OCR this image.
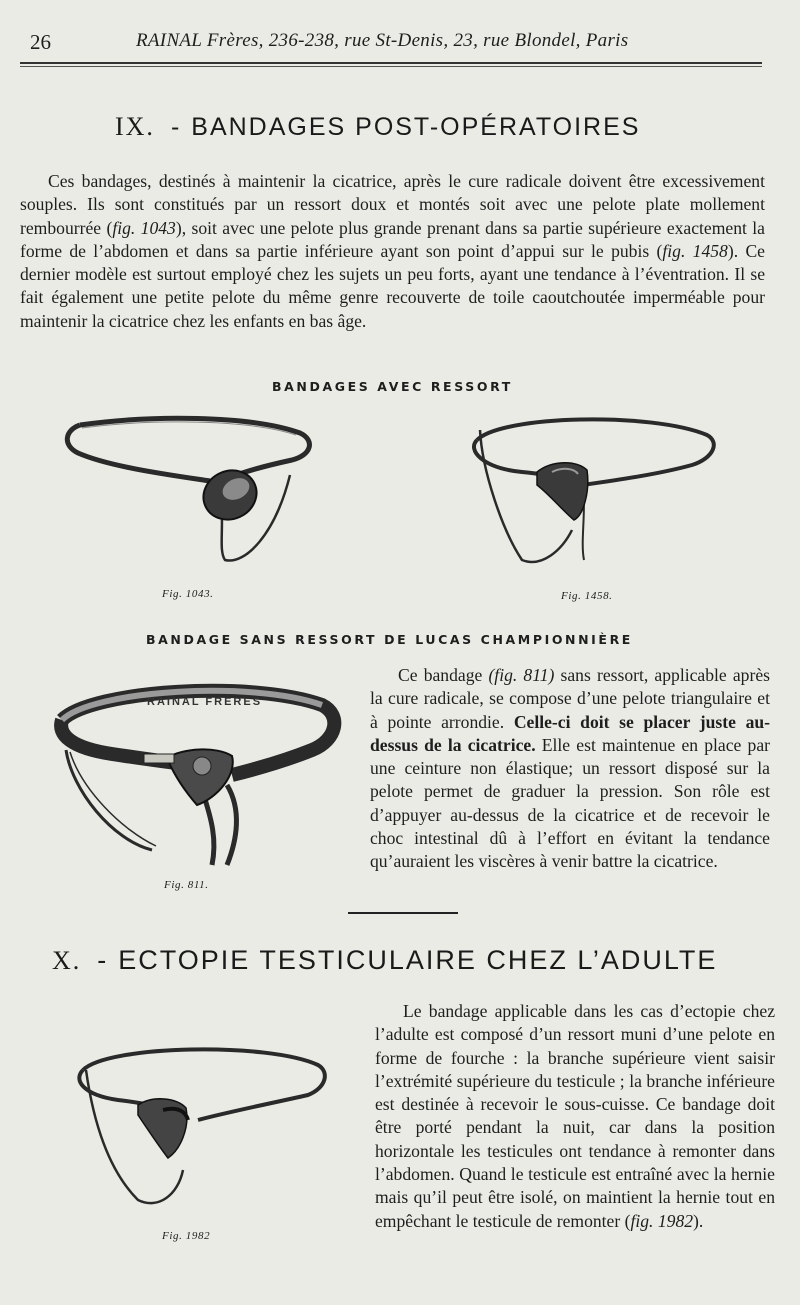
26	RAINAL Frères, 236-238, rue St-Denis, 23, rue Blondel, Paris
IX. - BANDAGES POST-OPÉRATOIRES
Ces bandages, destinés à maintenir la cicatrice, après le cure radicale doivent être excessivement souples. Ils sont constitués par un ressort doux et montés soit avec une pelote plate mollement rembourrée (fig. 1043), soit avec une pelote plus grande prenant dans sa partie supérieure exactement la forme de l’abdomen et dans sa partie inférieure ayant son point d’appui sur le pubis (fig. 1458). Ce dernier modèle est surtout employé chez les sujets un peu forts, ayant une tendance à l’éventration. Il se fait également une petite pelote du même genre recouverte de toile caoutchoutée imperméable pour maintenir la cicatrice chez les enfants en bas âge.
BANDAGES AVEC RESSORT
Fig. 1043.	Fig. 1458.
BANDAGE SANS RESSORT DE LUCAS CHAMPIONNIÈRE
RAINAL FRÈRES
Fig. 811.
Ce bandage (fig. 811) sans ressort, applicable après la cure radicale, se compose d’une pelote triangulaire et à pointe arrondie. Celle-ci doit se placer juste au-dessus de la cicatrice. Elle est maintenue en place par une ceinture non élastique; un ressort disposé sur la pelote permet de graduer la pression. Son rôle est d’appuyer au-dessus de la cicatrice et de recevoir le choc intestinal dû à l’effort en évitant la tendance qu’auraient les viscères à venir battre la cicatrice.
X. - ECTOPIE TESTICULAIRE CHEZ L’ADULTE
Fig. 1982
Le bandage applicable dans les cas d’ectopie chez l’adulte est composé d’un ressort muni d’une pelote en forme de fourche : la branche supérieure vient saisir l’extrémité supérieure du testicule ; la branche inférieure est destinée à recevoir le sous-cuisse. Ce bandage doit être porté pendant la nuit, car dans la position horizontale les testicules ont tendance à remonter dans l’abdomen. Quand le testicule est entraîné avec la hernie mais qu’il peut être isolé, on maintient la hernie tout en empêchant le testicule de remonter (fig. 1982).
